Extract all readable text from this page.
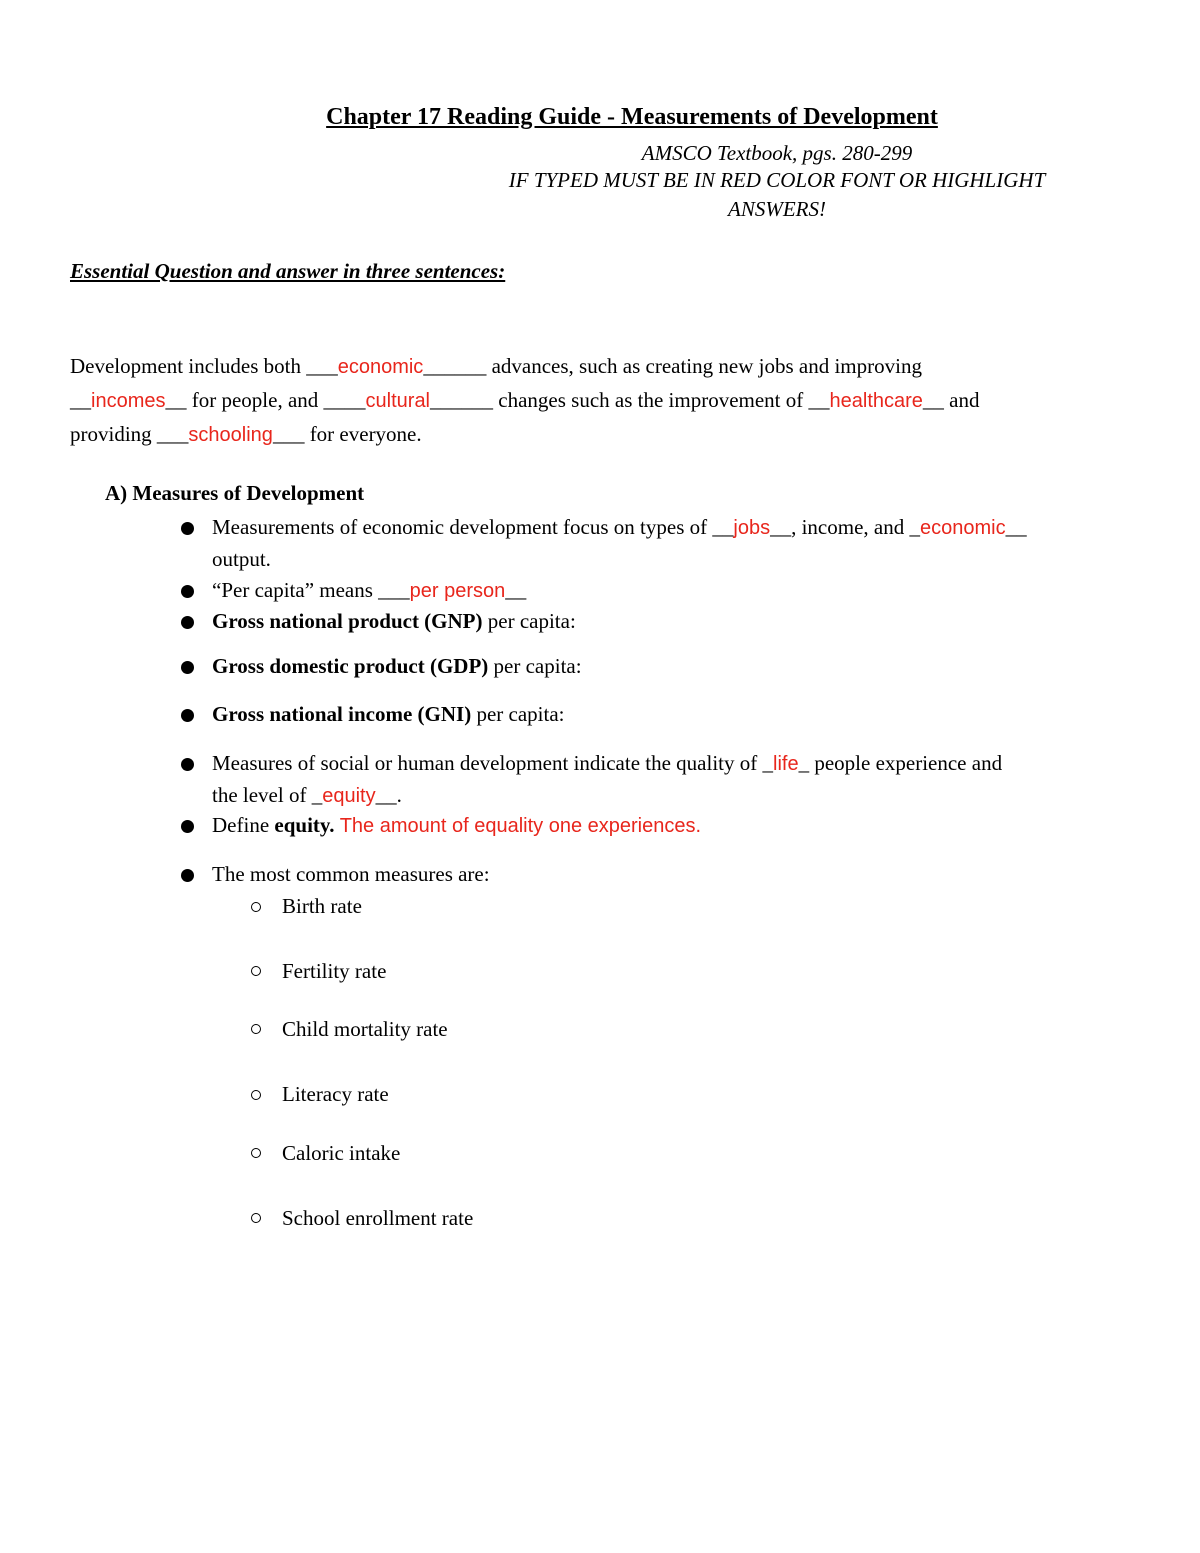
Chapter 17 Reading Guide - Measurements of Development
AMSCO Textbook, pgs. 280-299
IF TYPED MUST BE IN RED COLOR FONT OR HIGHLIGHT
ANSWERS!
Essential Question and answer in three sentences:
Development includes both ___economic______ advances, such as creating new jobs and improving
__incomes__ for people, and ____cultural______ changes such as the improvement of __healthcare__ and
providing ___schooling___ for everyone.
A) Measures of Development
Measurements of economic development focus on types of __jobs__, income, and _economic__
output.
“Per capita” means ___per person__
Gross national product (GNP) per capita:
Gross domestic product (GDP) per capita:
Gross national income (GNI) per capita:
Measures of social or human development indicate the quality of _life_ people experience and
the level of _equity__.
Define equity. The amount of equality one experiences.
The most common measures are:
Birth rate
Fertility rate
Child mortality rate
Literacy rate
Caloric intake
School enrollment rate
